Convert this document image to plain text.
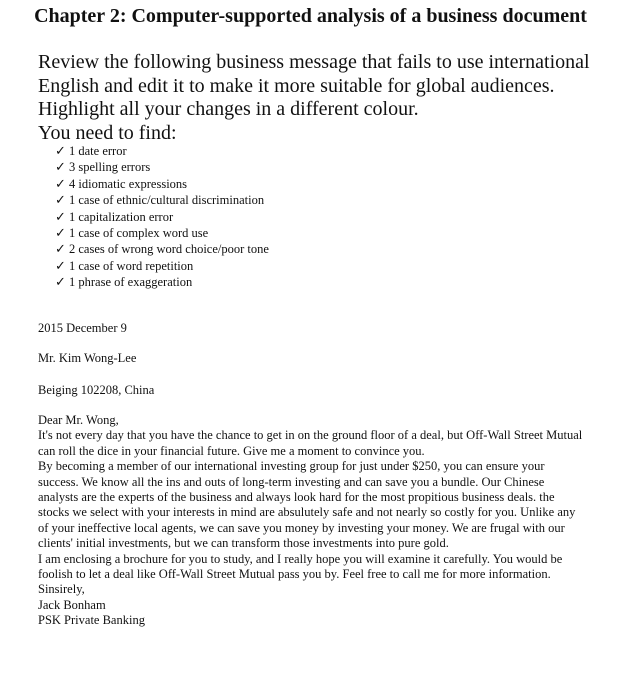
Chapter 2: Computer-supported analysis of a business document
Review the following business message that fails to use international English and edit it to make it more suitable for global audiences. Highlight all your changes in a different colour.
You need to find:
✓ 1 date error
✓ 3 spelling errors
✓ 4 idiomatic expressions
✓ 1 case of ethnic/cultural discrimination
✓ 1 capitalization error
✓ 1 case of complex word use
✓ 2 cases of wrong word choice/poor tone
✓ 1 case of word repetition
✓ 1 phrase of exaggeration
2015 December 9
Mr. Kim Wong-Lee
Beiging 102208, China

Dear Mr. Wong,

It's not every day that you have the chance to get in on the ground floor of a deal, but Off-Wall Street Mutual can roll the dice in your financial future. Give me a moment to convince you.

By becoming a member of our international investing group for just under $250, you can ensure your success. We know all the ins and outs of long-term investing and can save you a bundle. Our Chinese analysts are the experts of the business and always look hard for the most propitious business deals. the stocks we select with your interests in mind are absulutely safe and not nearly so costly for you. Unlike any of your ineffective local agents, we can save you money by investing your money. We are frugal with our clients' initial investments, but we can transform those investments into pure gold.

I am enclosing a brochure for you to study, and I really hope you will examine it carefully. You would be foolish to let a deal like Off-Wall Street Mutual pass you by. Feel free to call me for more information.

Sinsirely,

Jack Bonham

PSK Private Banking
